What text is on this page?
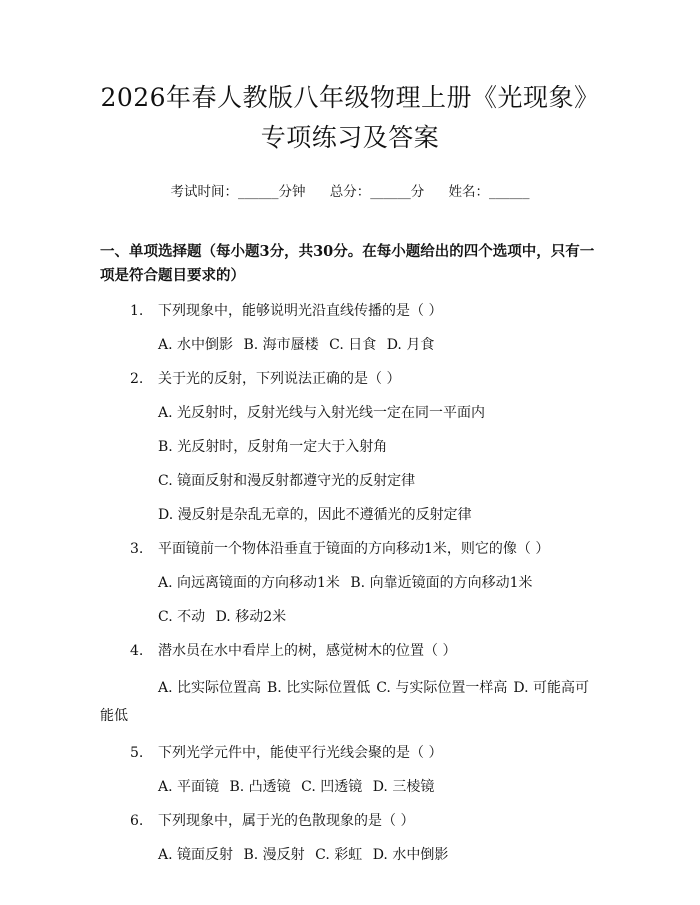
2026年春人教版八年级物理上册《光现象》
专项练习及答案
考试时间：______分钟 总分：______分 姓名：______
一、单项选择题（每小题3分，共30分。在每小题给出的四个选项中，只有一项是符合题目要求的）
1.	下列现象中，能够说明光沿直线传播的是（ ）
A. 水中倒影 B. 海市蜃楼 C. 日食 D. 月食
2.	关于光的反射，下列说法正确的是（ ）
A. 光反射时，反射光线与入射光线一定在同一平面内
B. 光反射时，反射角一定大于入射角
C. 镜面反射和漫反射都遵守光的反射定律
D. 漫反射是杂乱无章的，因此不遵循光的反射定律
3.	平面镜前一个物体沿垂直于镜面的方向移动1米，则它的像（ ）
A. 向远离镜面的方向移动1米 B. 向靠近镜面的方向移动1米
C. 不动 D. 移动2米
4.	潜水员在水中看岸上的树，感觉树木的位置（ ）
A. 比实际位置高 B. 比实际位置低 C. 与实际位置一样高 D. 可能高可能低
5.	下列光学元件中，能使平行光线会聚的是（ ）
A. 平面镜 B. 凸透镜 C. 凹透镜 D. 三棱镜
6.	下列现象中，属于光的色散现象的是（ ）
A. 镜面反射 B. 漫反射 C. 彩虹 D. 水中倒影
